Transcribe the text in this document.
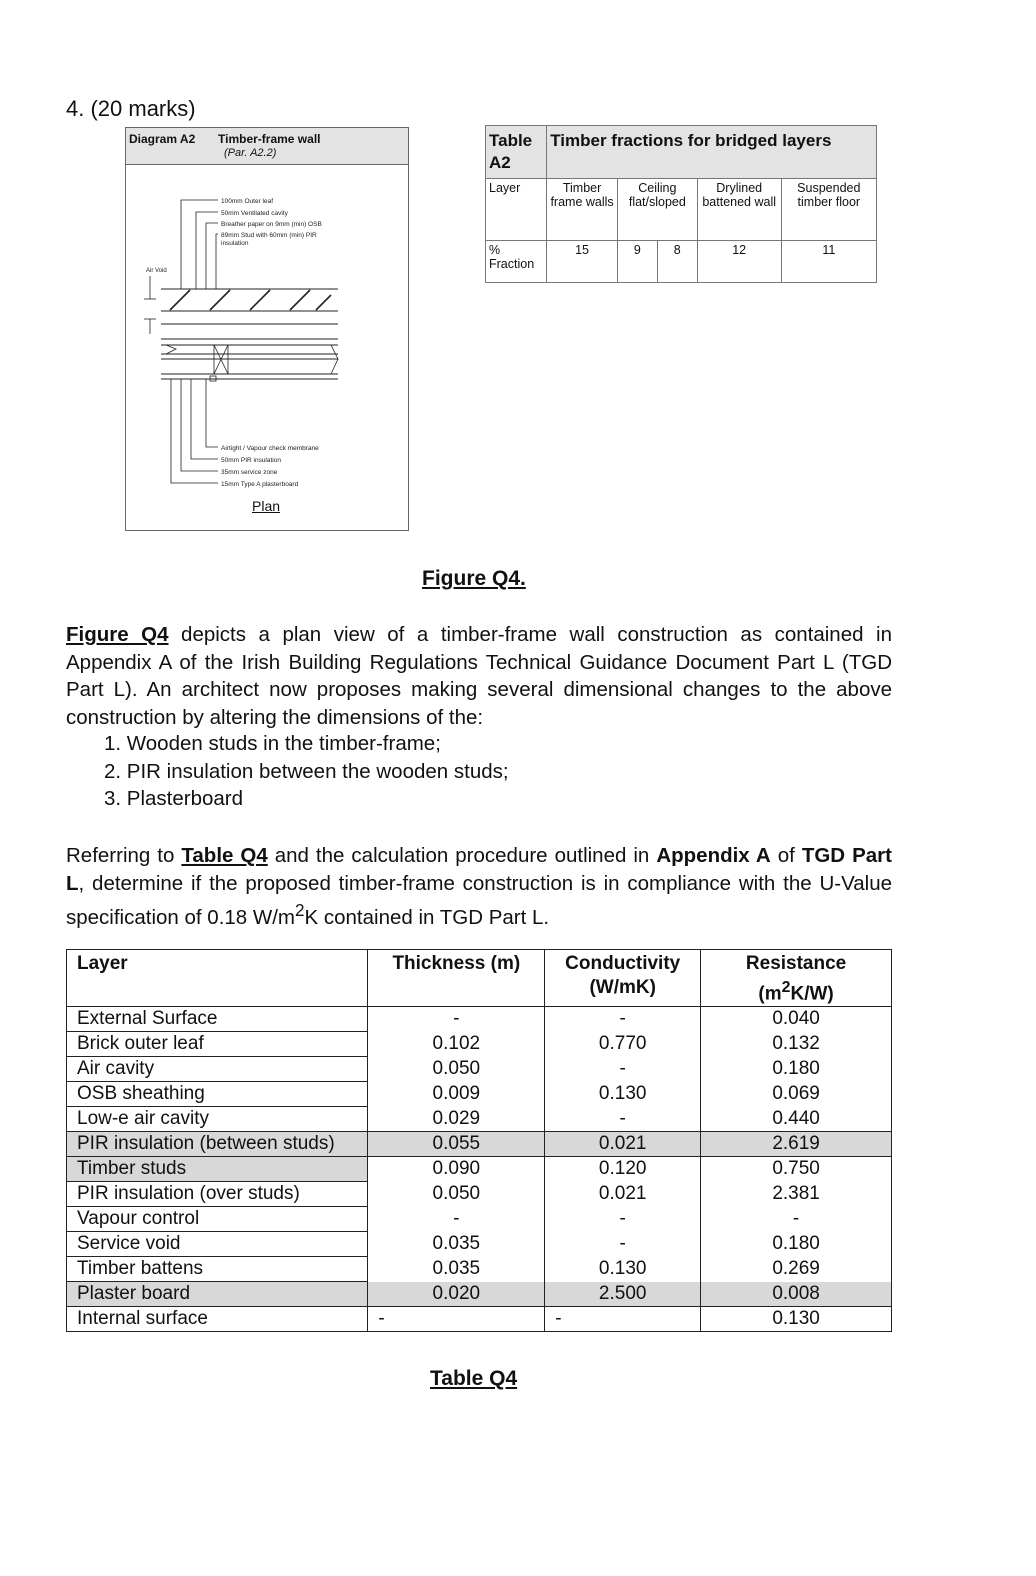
4. (20 marks)
Diagram A2 Timber-frame wall
(Par. A2.2)
100mm Outer leaf
50mm Ventilated cavity
Breather paper on 9mm (min) OSB
89mm Stud with 60mm (min) PIR
insulation
Air Void
Airtight / Vapour check membrane
50mm PIR insulation
35mm service zone
15mm Type A plasterboard
Plan
Table A2	Timber fractions for bridged layers				
Layer	Timber frame walls	Ceiling flat/sloped		Drylined battened wall	Suspended timber floor
% Fraction	15	9	8	12	11
Figure Q4.
Figure Q4 depicts a plan view of a timber-frame wall construction as contained in Appendix A of the Irish Building Regulations Technical Guidance Document Part L (TGD Part L). An architect now proposes making several dimensional changes to the above construction by altering the dimensions of the:
1. Wooden studs in the timber-frame;
2. PIR insulation between the wooden studs;
3. Plasterboard
Referring to Table Q4 and the calculation procedure outlined in Appendix A of TGD Part L, determine if the proposed timber-frame construction is in compliance with the U-Value specification of 0.18 $W/m^2K$ contained in TGD Part L.
Layer	Thickness (m)	Conductivity (W/mK)	Resistance $(m^2K/W)$
External Surface	-	-	0.040
Brick outer leaf	0.102	0.770	0.132
Air cavity	0.050	-	0.180
OSB sheathing	0.009	0.130	0.069
Low-e air cavity	0.029	-	0.440
PIR insulation (between studs)	0.055	0.021	2.619
Timber studs	0.090	0.120	0.750
PIR insulation (over studs)	0.050	0.021	2.381
Vapour control	-	-	-
Service void	0.035	-	0.180
Timber battens	0.035	0.130	0.269
Plaster board	0.020	2.500	0.008
Internal surface	-	-	0.130
Table Q4
